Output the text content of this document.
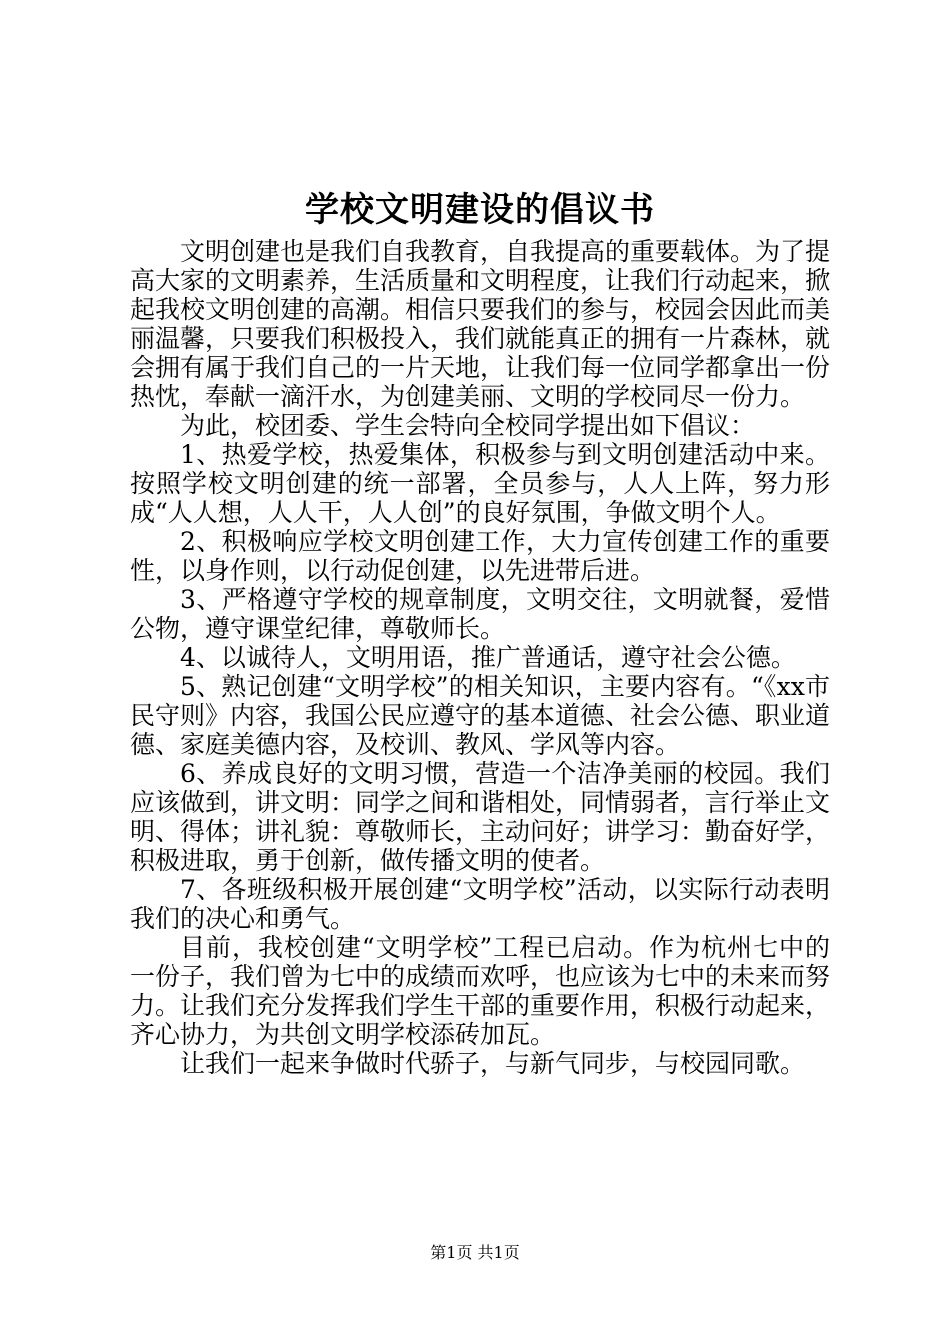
学校文明建设的倡议书

文明创建也是我们自我教育，自我提高的重要载体。为了提高大家的文明素养，生活质量和文明程度，让我们行动起来，掀起我校文明创建的高潮。相信只要我们的参与，校园会因此而美丽温馨，只要我们积极投入，我们就能真正的拥有一片森林，就会拥有属于我们自己的一片天地，让我们每一位同学都拿出一份热忱，奉献一滴汗水，为创建美丽、文明的学校同尽一份力。

为此，校团委、学生会特向全校同学提出如下倡议：

1、热爱学校，热爱集体，积极参与到文明创建活动中来。按照学校文明创建的统一部署，全员参与，人人上阵，努力形成“人人想，人人干，人人创”的良好氛围，争做文明个人。

2、积极响应学校文明创建工作，大力宣传创建工作的重要性，以身作则，以行动促创建，以先进带后进。

3、严格遵守学校的规章制度，文明交往，文明就餐，爱惜公物，遵守课堂纪律，尊敬师长。

4、以诚待人，文明用语，推广普通话，遵守社会公德。

5、熟记创建“文明学校”的相关知识，主要内容有。“《xx市民守则》内容，我国公民应遵守的基本道德、社会公德、职业道德、家庭美德内容，及校训、教风、学风等内容。

6、养成良好的文明习惯，营造一个洁净美丽的校园。我们应该做到，讲文明：同学之间和谐相处，同情弱者，言行举止文明、得体；讲礼貌：尊敬师长，主动问好；讲学习：勤奋好学，积极进取，勇于创新，做传播文明的使者。

7、各班级积极开展创建“文明学校”活动，以实际行动表明我们的决心和勇气。

目前，我校创建“文明学校”工程已启动。作为杭州七中的一份子，我们曾为七中的成绩而欢呼，也应该为七中的未来而努力。让我们充分发挥我们学生干部的重要作用，积极行动起来，齐心协力，为共创文明学校添砖加瓦。

让我们一起来争做时代骄子，与新气同步，与校园同歌。

第1页 共1页
